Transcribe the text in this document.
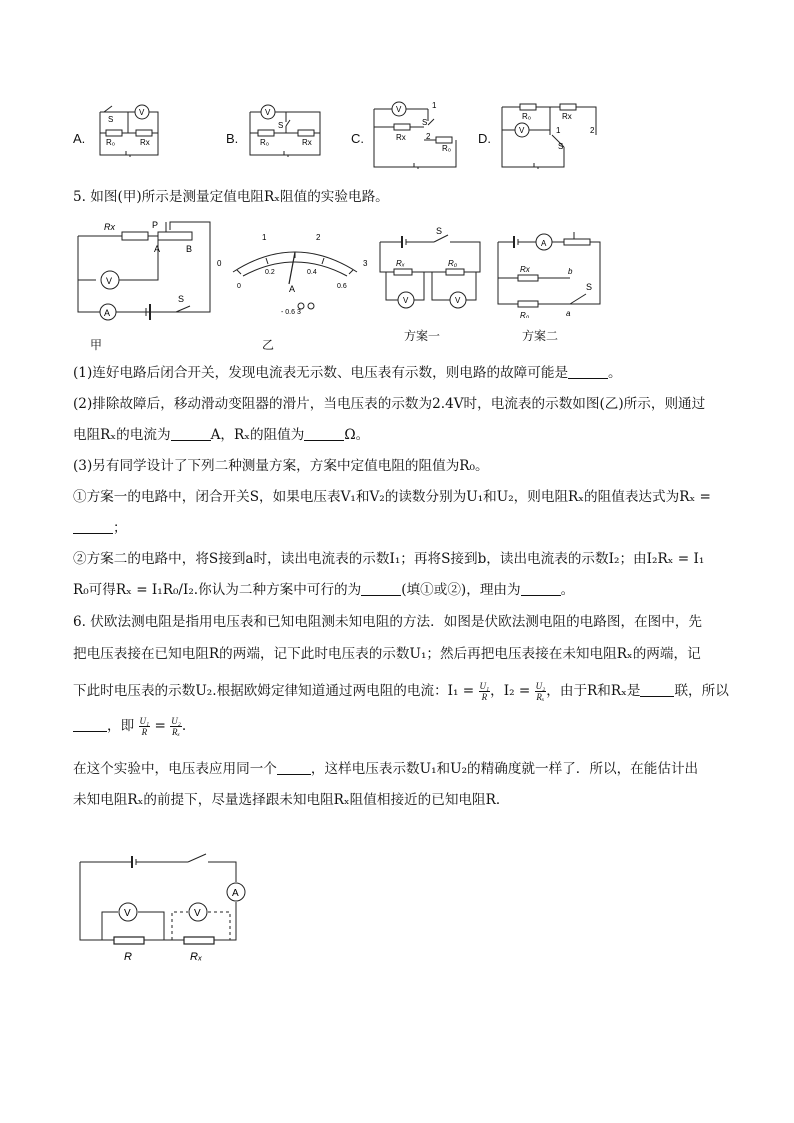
A.
V
S
R₀	Rx	B.
V
S
R₀	Rx	C.
V	1
2
S
Rx
R₀
D.
V
R₀	Rx
1	2
S
5. 如图(甲)所示是测量定值电阻Rₓ阻值的实验电路。
Rx	P
A	B
V
A
S
甲
0
1	2
3
0
0.2	0.4
0.6
A
- 0.6 3
乙
S
Rₓ	R₀
V	V
方案一
A
Rx
R₀
b
a
S
方案二
(1)连好电路后闭合开关，发现电流表无示数、电压表有示数，则电路的故障可能是	。
(2)排除故障后，移动滑动变阻器的滑片，当电压表的示数为2.4V时，电流表的示数如图(乙)所示，则通过
电阻Rₓ的电流为	A，Rₓ的阻值为	Ω。
(3)另有同学设计了下列二种测量方案，方案中定值电阻的阻值为R₀。
①方案一的电路中，闭合开关S，如果电压表V₁和V₂的读数分别为U₁和U₂，则电阻Rₓ的阻值表达式为Rₓ =
；
②方案二的电路中，将S接到a时，读出电流表的示数I₁；再将S接到b，读出电流表的示数I₂；由I₂Rₓ = I₁
R₀可得Rₓ = I₁R₀/I₂.你认为二种方案中可行的为	(填①或②)，理由为	。
6. 伏欧法测电阻是指用电压表和已知电阻测未知电阻的方法．如图是伏欧法测电阻的电路图，在图中，先
把电压表接在已知电阻R的两端，记下此时电压表的示数U₁；然后再把电压表接在未知电阻Rₓ的两端，记
下此时电压表的示数U₂.根据欧姆定律知道通过两电阻的电流：$I_1 = \frac{\text{U₁}}{R}$ ，$I_2 = \frac{\text{U₂}}{\text{Rₓ}}$ ，由于R和Rₓ是	联，所以
，即 $\frac{\text{U₁}}{R} = \frac{\text{U₂}}{\text{Rₓ}}$ .
在这个实验中，电压表应用同一个	，这样电压表示数U₁和U₂的精确度就一样了．所以，在能估计出
未知电阻Rₓ的前提下，尽量选择跟未知电阻Rₓ阻值相接近的已知电阻R．
A
V	V
R	Rₓ
